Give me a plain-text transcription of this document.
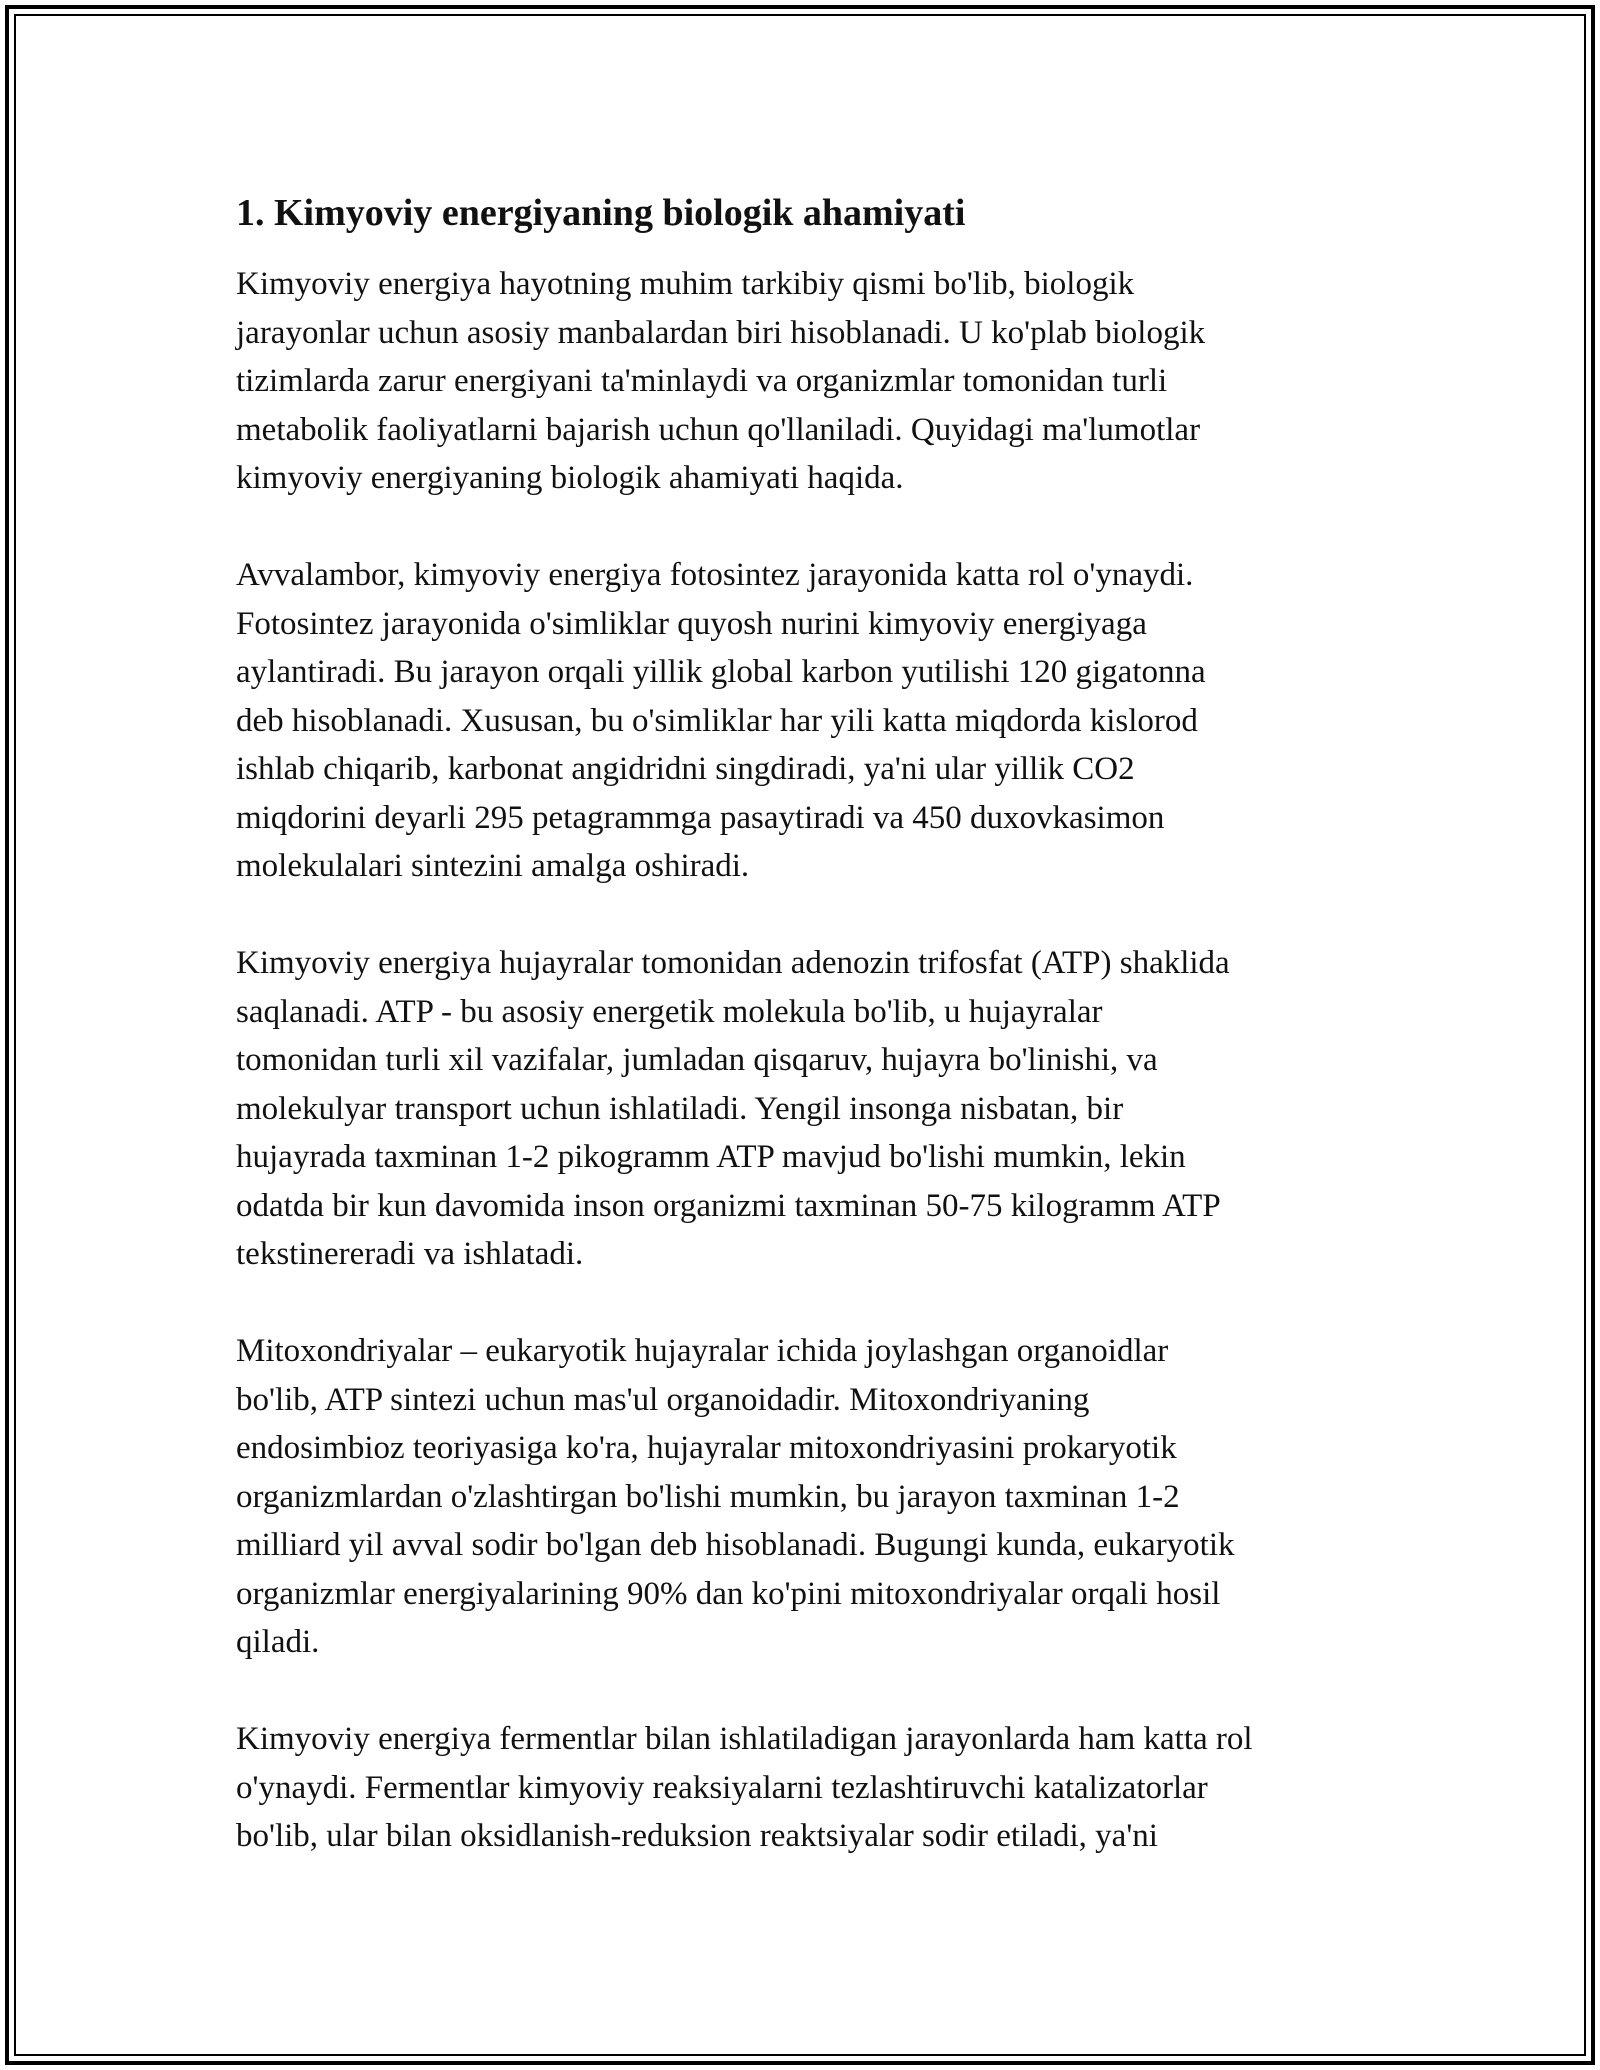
1. Kimyoviy energiyaning biologik ahamiyati
Kimyoviy energiya hayotning muhim tarkibiy qismi bo'lib, biologik
jarayonlar uchun asosiy manbalardan biri hisoblanadi. U ko'plab biologik
tizimlarda zarur energiyani ta'minlaydi va organizmlar tomonidan turli
metabolik faoliyatlarni bajarish uchun qo'llaniladi. Quyidagi ma'lumotlar
kimyoviy energiyaning biologik ahamiyati haqida.
Avvalambor, kimyoviy energiya fotosintez jarayonida katta rol o'ynaydi.
Fotosintez jarayonida o'simliklar quyosh nurini kimyoviy energiyaga
aylantiradi. Bu jarayon orqali yillik global karbon yutilishi 120 gigatonna
deb hisoblanadi. Xususan, bu o'simliklar har yili katta miqdorda kislorod
ishlab chiqarib, karbonat angidridni singdiradi, ya'ni ular yillik CO2
miqdorini deyarli 295 petagrammga pasaytiradi va 450 duxovkasimon
molekulalari sintezini amalga oshiradi.
Kimyoviy energiya hujayralar tomonidan adenozin trifosfat (ATP) shaklida
saqlanadi. ATP - bu asosiy energetik molekula bo'lib, u hujayralar
tomonidan turli xil vazifalar, jumladan qisqaruv, hujayra bo'linishi, va
molekulyar transport uchun ishlatiladi. Yengil insonga nisbatan, bir
hujayrada taxminan 1-2 pikogramm ATP mavjud bo'lishi mumkin, lekin
odatda bir kun davomida inson organizmi taxminan 50-75 kilogramm ATP
tekstinereradi va ishlatadi.
Mitoxondriyalar – eukaryotik hujayralar ichida joylashgan organoidlar
bo'lib, ATP sintezi uchun mas'ul organoidadir. Mitoxondriyaning
endosimbioz teoriyasiga ko'ra, hujayralar mitoxondriyasini prokaryotik
organizmlardan o'zlashtirgan bo'lishi mumkin, bu jarayon taxminan 1-2
milliard yil avval sodir bo'lgan deb hisoblanadi. Bugungi kunda, eukaryotik
organizmlar energiyalarining 90% dan ko'pini mitoxondriyalar orqali hosil
qiladi.
Kimyoviy energiya fermentlar bilan ishlatiladigan jarayonlarda ham katta rol
o'ynaydi. Fermentlar kimyoviy reaksiyalarni tezlashtiruvchi katalizatorlar
bo'lib, ular bilan oksidlanish-reduksion reaktsiyalar sodir etiladi, ya'ni
